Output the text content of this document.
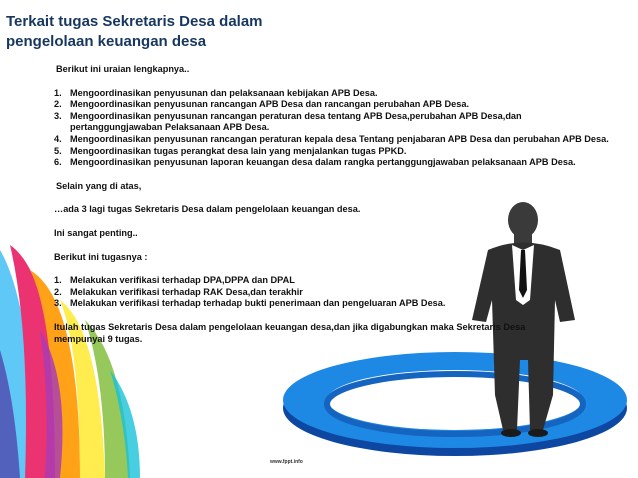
Terkait tugas Sekretaris Desa dalam pengelolaan keuangan desa

Berikut ini uraian lengkapnya..

1. Mengoordinasikan penyusunan dan pelaksanaan kebijakan APB Desa.
2. Mengoordinasikan penyusunan rancangan APB Desa dan rancangan perubahan APB Desa.
3. Mengoordinasikan penyusunan rancangan peraturan desa tentang APB Desa,perubahan APB Desa,dan pertanggungjawaban Pelaksanaan APB Desa.
4. Mengoordinasikan penyusunan rancangan peraturan kepala desa Tentang penjabaran APB Desa dan perubahan APB Desa.
5. Mengoordinasikan tugas perangkat desa lain yang menjalankan tugas PPKD.
6. Mengoordinasikan penyusunan laporan keuangan desa dalam rangka pertanggungjawaban pelaksanaan APB Desa.

Selain yang di atas,

…ada 3 lagi tugas Sekretaris Desa dalam pengelolaan keuangan desa.

Ini sangat penting..

Berikut ini tugasnya :

1. Melakukan verifikasi terhadap DPA,DPPA dan DPAL
2. Melakukan verifikasi terhadap RAK Desa,dan terakhir
3. Melakukan verifikasi terhadap terhadap bukti penerimaan dan pengeluaran APB Desa.

Itulah tugas Sekretaris Desa dalam pengelolaan keuangan desa,dan jika digabungkan maka Sekretaris Desa mempunyai 9 tugas.

www.fppt.info
